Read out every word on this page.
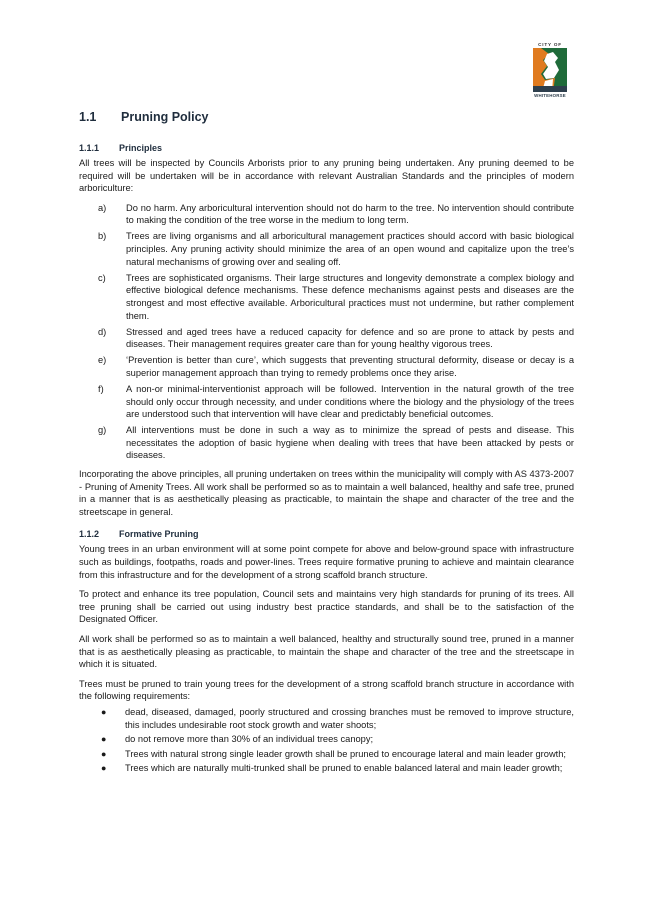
CITY OF
WHITEHORSE
1.1	Pruning Policy
1.1.1	Principles

All trees will be inspected by Councils Arborists prior to any pruning being undertaken. Any pruning deemed to be required will be undertaken will be in accordance with relevant Australian Standards and the principles of modern arboriculture:

a)	Do no harm. Any arboricultural intervention should not do harm to the tree. No intervention should contribute to making the condition of the tree worse in the medium to long term.
b)	Trees are living organisms and all arboricultural management practices should accord with basic biological principles. Any pruning activity should minimize the area of an open wound and capitalize upon the tree’s natural mechanisms of growing over and sealing off.
c)	Trees are sophisticated organisms. Their large structures and longevity demonstrate a complex biology and effective biological defence mechanisms. These defence mechanisms against pests and diseases are the strongest and most effective available. Arboricultural practices must not undermine, but rather complement them.
d)	Stressed and aged trees have a reduced capacity for defence and so are prone to attack by pests and diseases. Their management requires greater care than for young healthy vigorous trees.
e)	‘Prevention is better than cure’, which suggests that preventing structural deformity, disease or decay is a superior management approach than trying to remedy problems once they arise.
f)	A non-or minimal-interventionist approach will be followed. Intervention in the natural growth of the tree should only occur through necessity, and under conditions where the biology and the physiology of the trees are understood such that intervention will have clear and predictably beneficial outcomes.
g)	All interventions must be done in such a way as to minimize the spread of pests and disease. This necessitates the adoption of basic hygiene when dealing with trees that have been attacked by pests or diseases.

Incorporating the above principles, all pruning undertaken on trees within the municipality will comply with AS 4373-2007 - Pruning of Amenity Trees. All work shall be performed so as to maintain a well balanced, healthy and safe tree, pruned in a manner that is as aesthetically pleasing as practicable, to maintain the shape and character of the tree and the streetscape in general.

1.1.2	Formative Pruning

Young trees in an urban environment will at some point compete for above and below-ground space with infrastructure such as buildings, footpaths, roads and power-lines. Trees require formative pruning to achieve and maintain clearance from this infrastructure and for the development of a strong scaffold branch structure.

To protect and enhance its tree population, Council sets and maintains very high standards for pruning of its trees. All tree pruning shall be carried out using industry best practice standards, and shall be to the satisfaction of the Designated Officer.

All work shall be performed so as to maintain a well balanced, healthy and structurally sound tree, pruned in a manner that is as aesthetically pleasing as practicable, to maintain the shape and character of the tree and the streetscape in which it is situated.

Trees must be pruned to train young trees for the development of a strong scaffold branch structure in accordance with the following requirements:

●	dead, diseased, damaged, poorly structured and crossing branches must be removed to improve structure, this includes undesirable root stock growth and water shoots;
●	do not remove more than 30% of an individual trees canopy;
●	Trees with natural strong single leader growth shall be pruned to encourage lateral and main leader growth;
●	Trees which are naturally multi-trunked shall be pruned to enable balanced lateral and main leader growth;
